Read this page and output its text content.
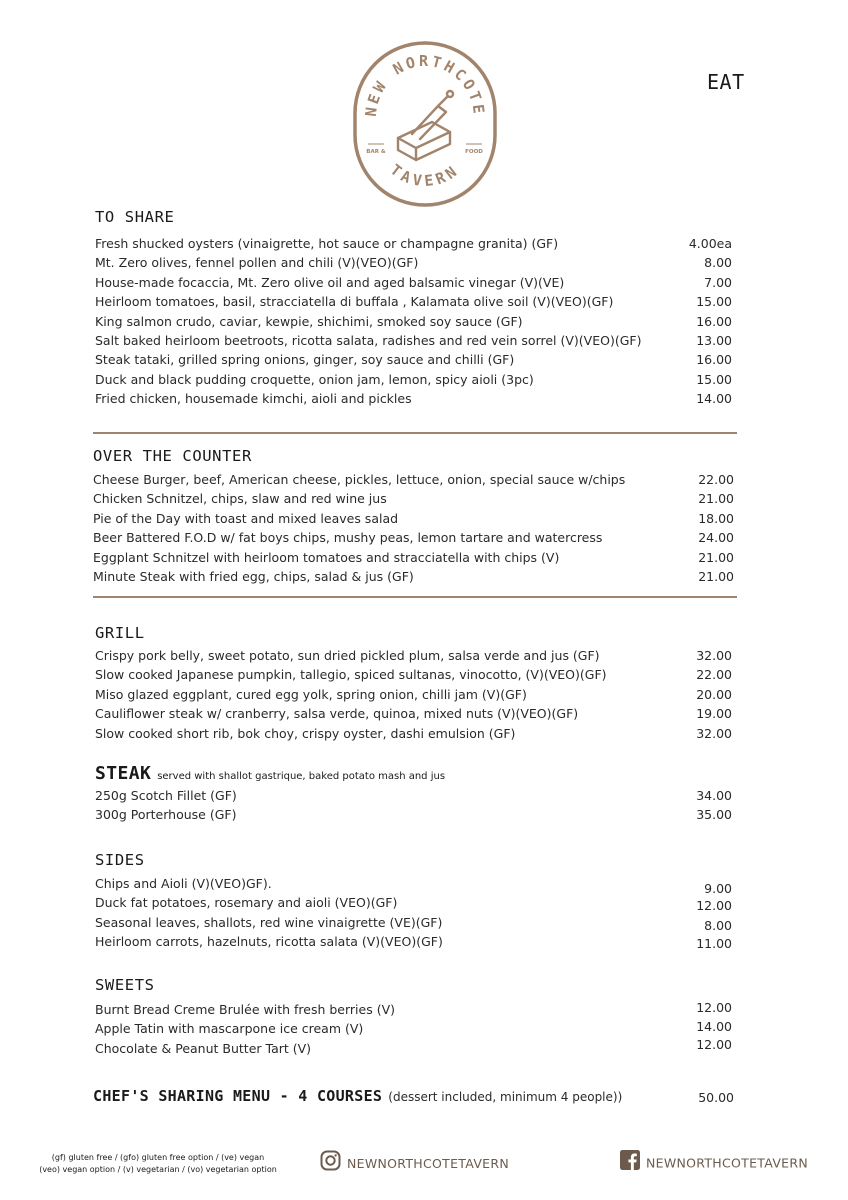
NEW NORTHCOTE
TAVERN
BAR &	FOOD
EAT
TO SHARE
Fresh shucked oysters (vinaigrette, hot sauce or champagne granita) (GF)	4.00ea
Mt. Zero olives, fennel pollen and chili (V)(VEO)(GF)	8.00
House-made focaccia, Mt. Zero olive oil and aged balsamic vinegar (V)(VE)	7.00
Heirloom tomatoes, basil, stracciatella di buffala , Kalamata olive soil (V)(VEO)(GF)	15.00
King salmon crudo, caviar, kewpie, shichimi, smoked soy sauce (GF)	16.00
Salt baked heirloom beetroots, ricotta salata, radishes and red vein sorrel (V)(VEO)(GF)	13.00
Steak tataki, grilled spring onions, ginger, soy sauce and chilli (GF)	16.00
Duck and black pudding croquette, onion jam, lemon, spicy aioli (3pc)	15.00
Fried chicken, housemade kimchi, aioli and pickles	14.00
OVER THE COUNTER
Cheese Burger, beef, American cheese, pickles, lettuce, onion, special sauce w/chips	22.00
Chicken Schnitzel, chips, slaw and red wine jus	21.00
Pie of the Day with toast and mixed leaves salad	18.00
Beer Battered F.O.D w/ fat boys chips, mushy peas, lemon tartare and watercress	24.00
Eggplant Schnitzel with heirloom tomatoes and stracciatella with chips (V)	21.00
Minute Steak with fried egg, chips, salad & jus (GF)	21.00
GRILL
Crispy pork belly, sweet potato, sun dried pickled plum, salsa verde and jus (GF)	32.00
Slow cooked Japanese pumpkin, tallegio, spiced sultanas, vinocotto, (V)(VEO)(GF)	22.00
Miso glazed eggplant, cured egg yolk, spring onion, chilli jam (V)(GF)	20.00
Cauliflower steak w/ cranberry, salsa verde, quinoa, mixed nuts (V)(VEO)(GF)	19.00
Slow cooked short rib, bok choy, crispy oyster, dashi emulsion (GF)	32.00
STEAK served with shallot gastrique, baked potato mash and jus
250g Scotch Fillet (GF)	34.00
300g Porterhouse (GF)	35.00
SIDES
Chips and Aioli (V)(VEO)GF).	9.00
Duck fat potatoes, rosemary and aioli (VEO)(GF)	12.00
Seasonal leaves, shallots, red wine vinaigrette (VE)(GF)	8.00
Heirloom carrots, hazelnuts, ricotta salata (V)(VEO)(GF)	11.00
SWEETS
Burnt Bread Creme Brulée with fresh berries (V)	12.00
Apple Tatin with mascarpone ice cream (V)	14.00
Chocolate & Peanut Butter Tart (V)	12.00
CHEF'S SHARING MENU - 4 COURSES (dessert included, minimum 4 people))	50.00
(gf) gluten free / (gfo) gluten free option / (ve) vegan
(veo) vegan option / (v) vegetarian / (vo) vegetarian option	NEWNORTHCOTETAVERN	NEWNORTHCOTETAVERN
